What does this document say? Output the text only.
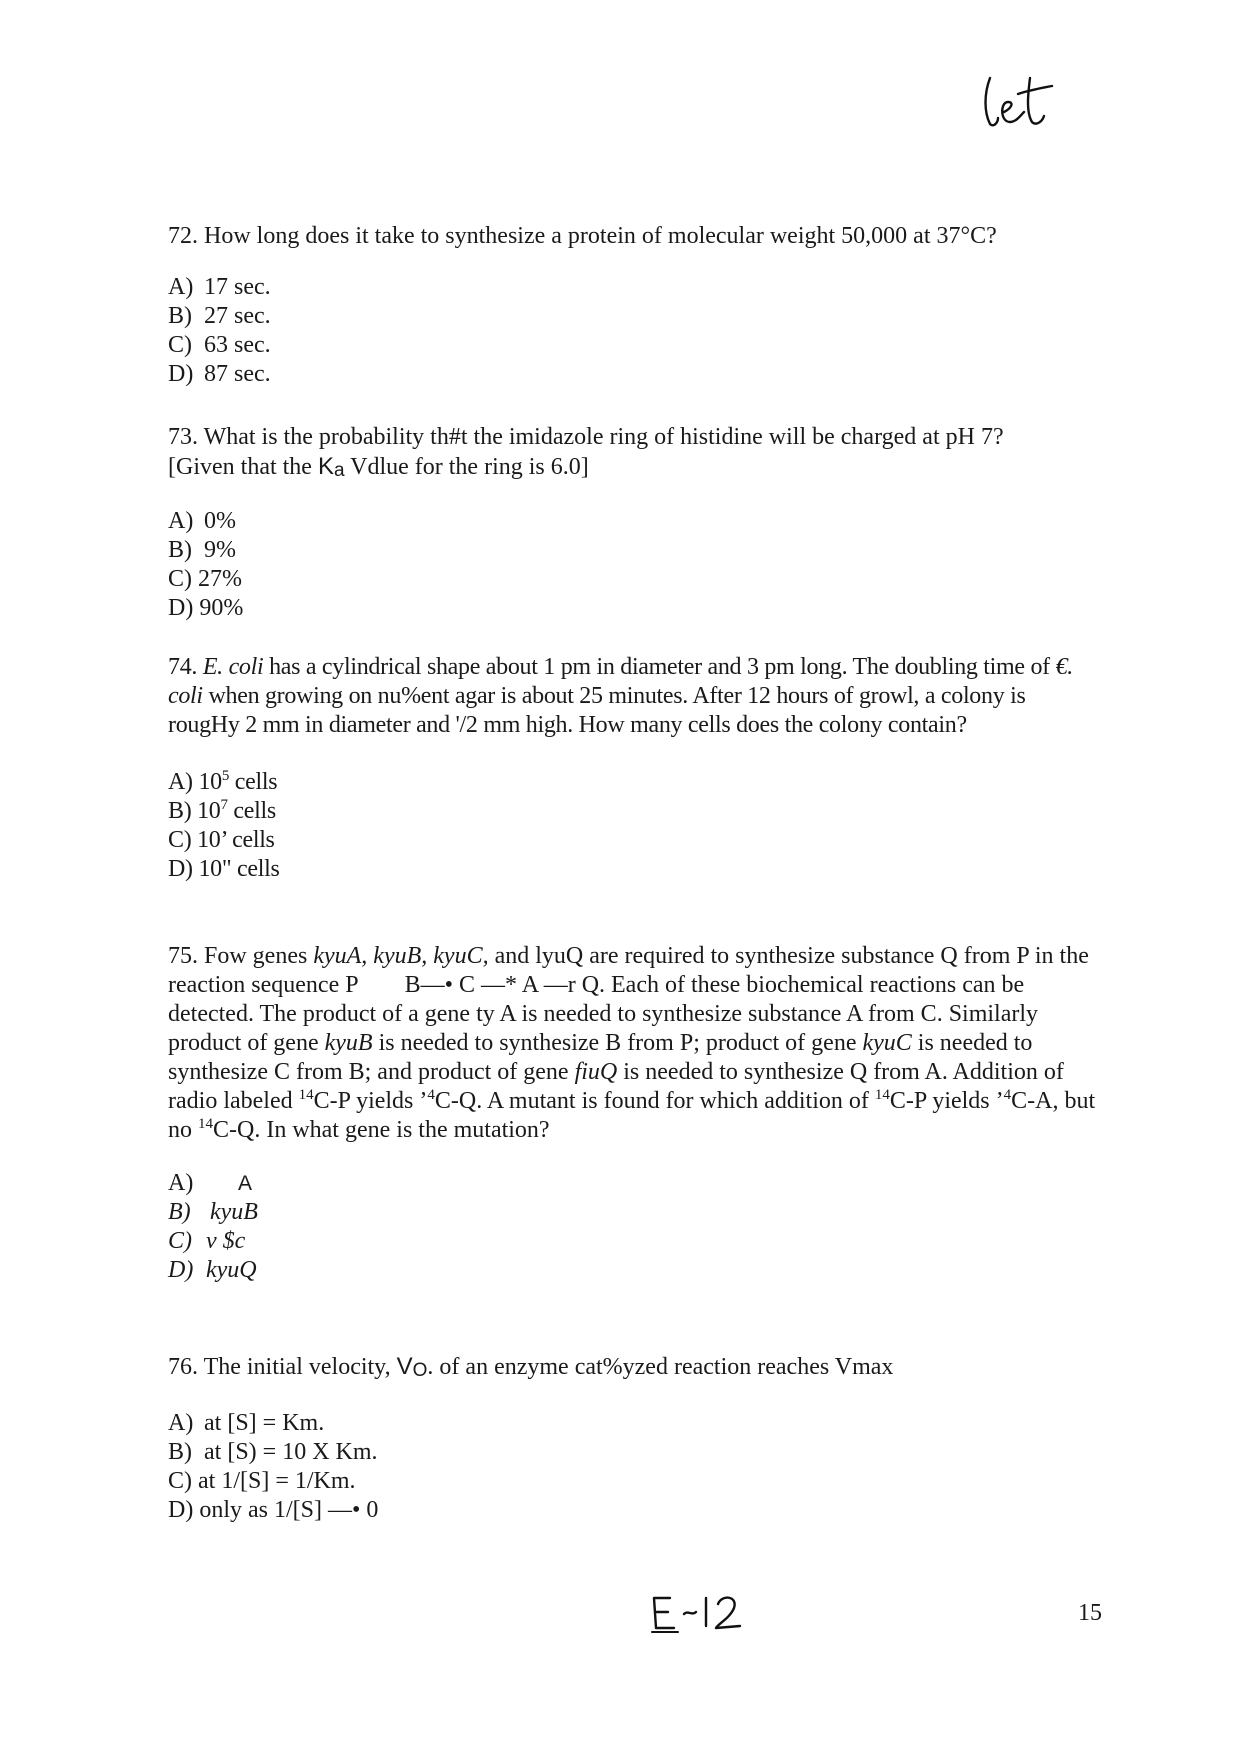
72. How long does it take to synthesize a protein of molecular weight 50,000 at 37°C?

A) 17 sec.
B) 27 sec.
C) 63 sec.
D) 87 sec.

73. What is the probability th#t the imidazole ring of histidine will be charged at pH 7?

[Given that the $K_a$ Vdlue for the ring is 6.0]

A) 0%
B) 9%
C) 27%
D) 90%

74. E. coli has a cylindrical shape about 1 pm in diameter and 3 pm long. The doubling time of €. coli when growing on nu%ent agar is about 25 minutes. After 12 hours of growl, a colony is rougHy 2 mm in diameter and '/2 mm high. How many cells does the colony contain?

A) $10^5$ cells
B) $10^7$ cells
C) 10’ cells
D) 10" cells

75. Fow genes kyuA, kyuB, kyuC, and lyuQ are required to synthesize substance Q from P in the reaction sequence P B—• C —* A —r Q. Each of these biochemical reactions can be detected. The product of a gene ty A is needed to synthesize substance A from C. Similarly product of gene kyuB is needed to synthesize B from P; product of gene kyuC is needed to synthesize C from B; and product of gene fiuQ is needed to synthesize Q from A. Addition of radio labeled $^{14}$C-P yields ’$^4$C-Q. A mutant is found for which addition of $^{14}$C-P yields ’$^4$C-A, but no $^{14}$C-Q. In what gene is the mutation?

A) A
B) kyuB
C) v $c
D) kyuQ

76. The initial velocity, $V_O$. of an enzyme cat%yzed reaction reaches Vmax

A) at [S] = Km.
B) at [S) = 10 X Km.
C) at 1/[S] = 1/Km.
D) only as 1/[S] —• 0
15
